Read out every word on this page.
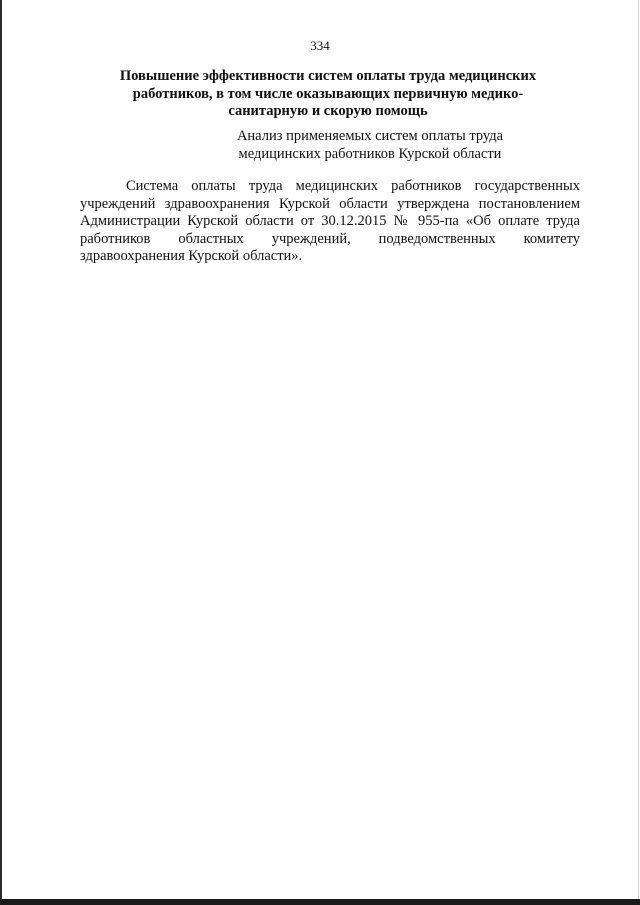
334
Повышение эффективности систем оплаты труда медицинских работников, в том числе оказывающих первичную медико-санитарную и скорую помощь

Анализ применяемых систем оплаты труда медицинских работников Курской области

Система оплаты труда медицинских работников государственных учреждений здравоохранения Курской области утверждена постановлением Администрации Курской области от 30.12.2015 № 955-па «Об оплате труда работников областных учреждений, подведомственных комитету здравоохранения Курской области».
